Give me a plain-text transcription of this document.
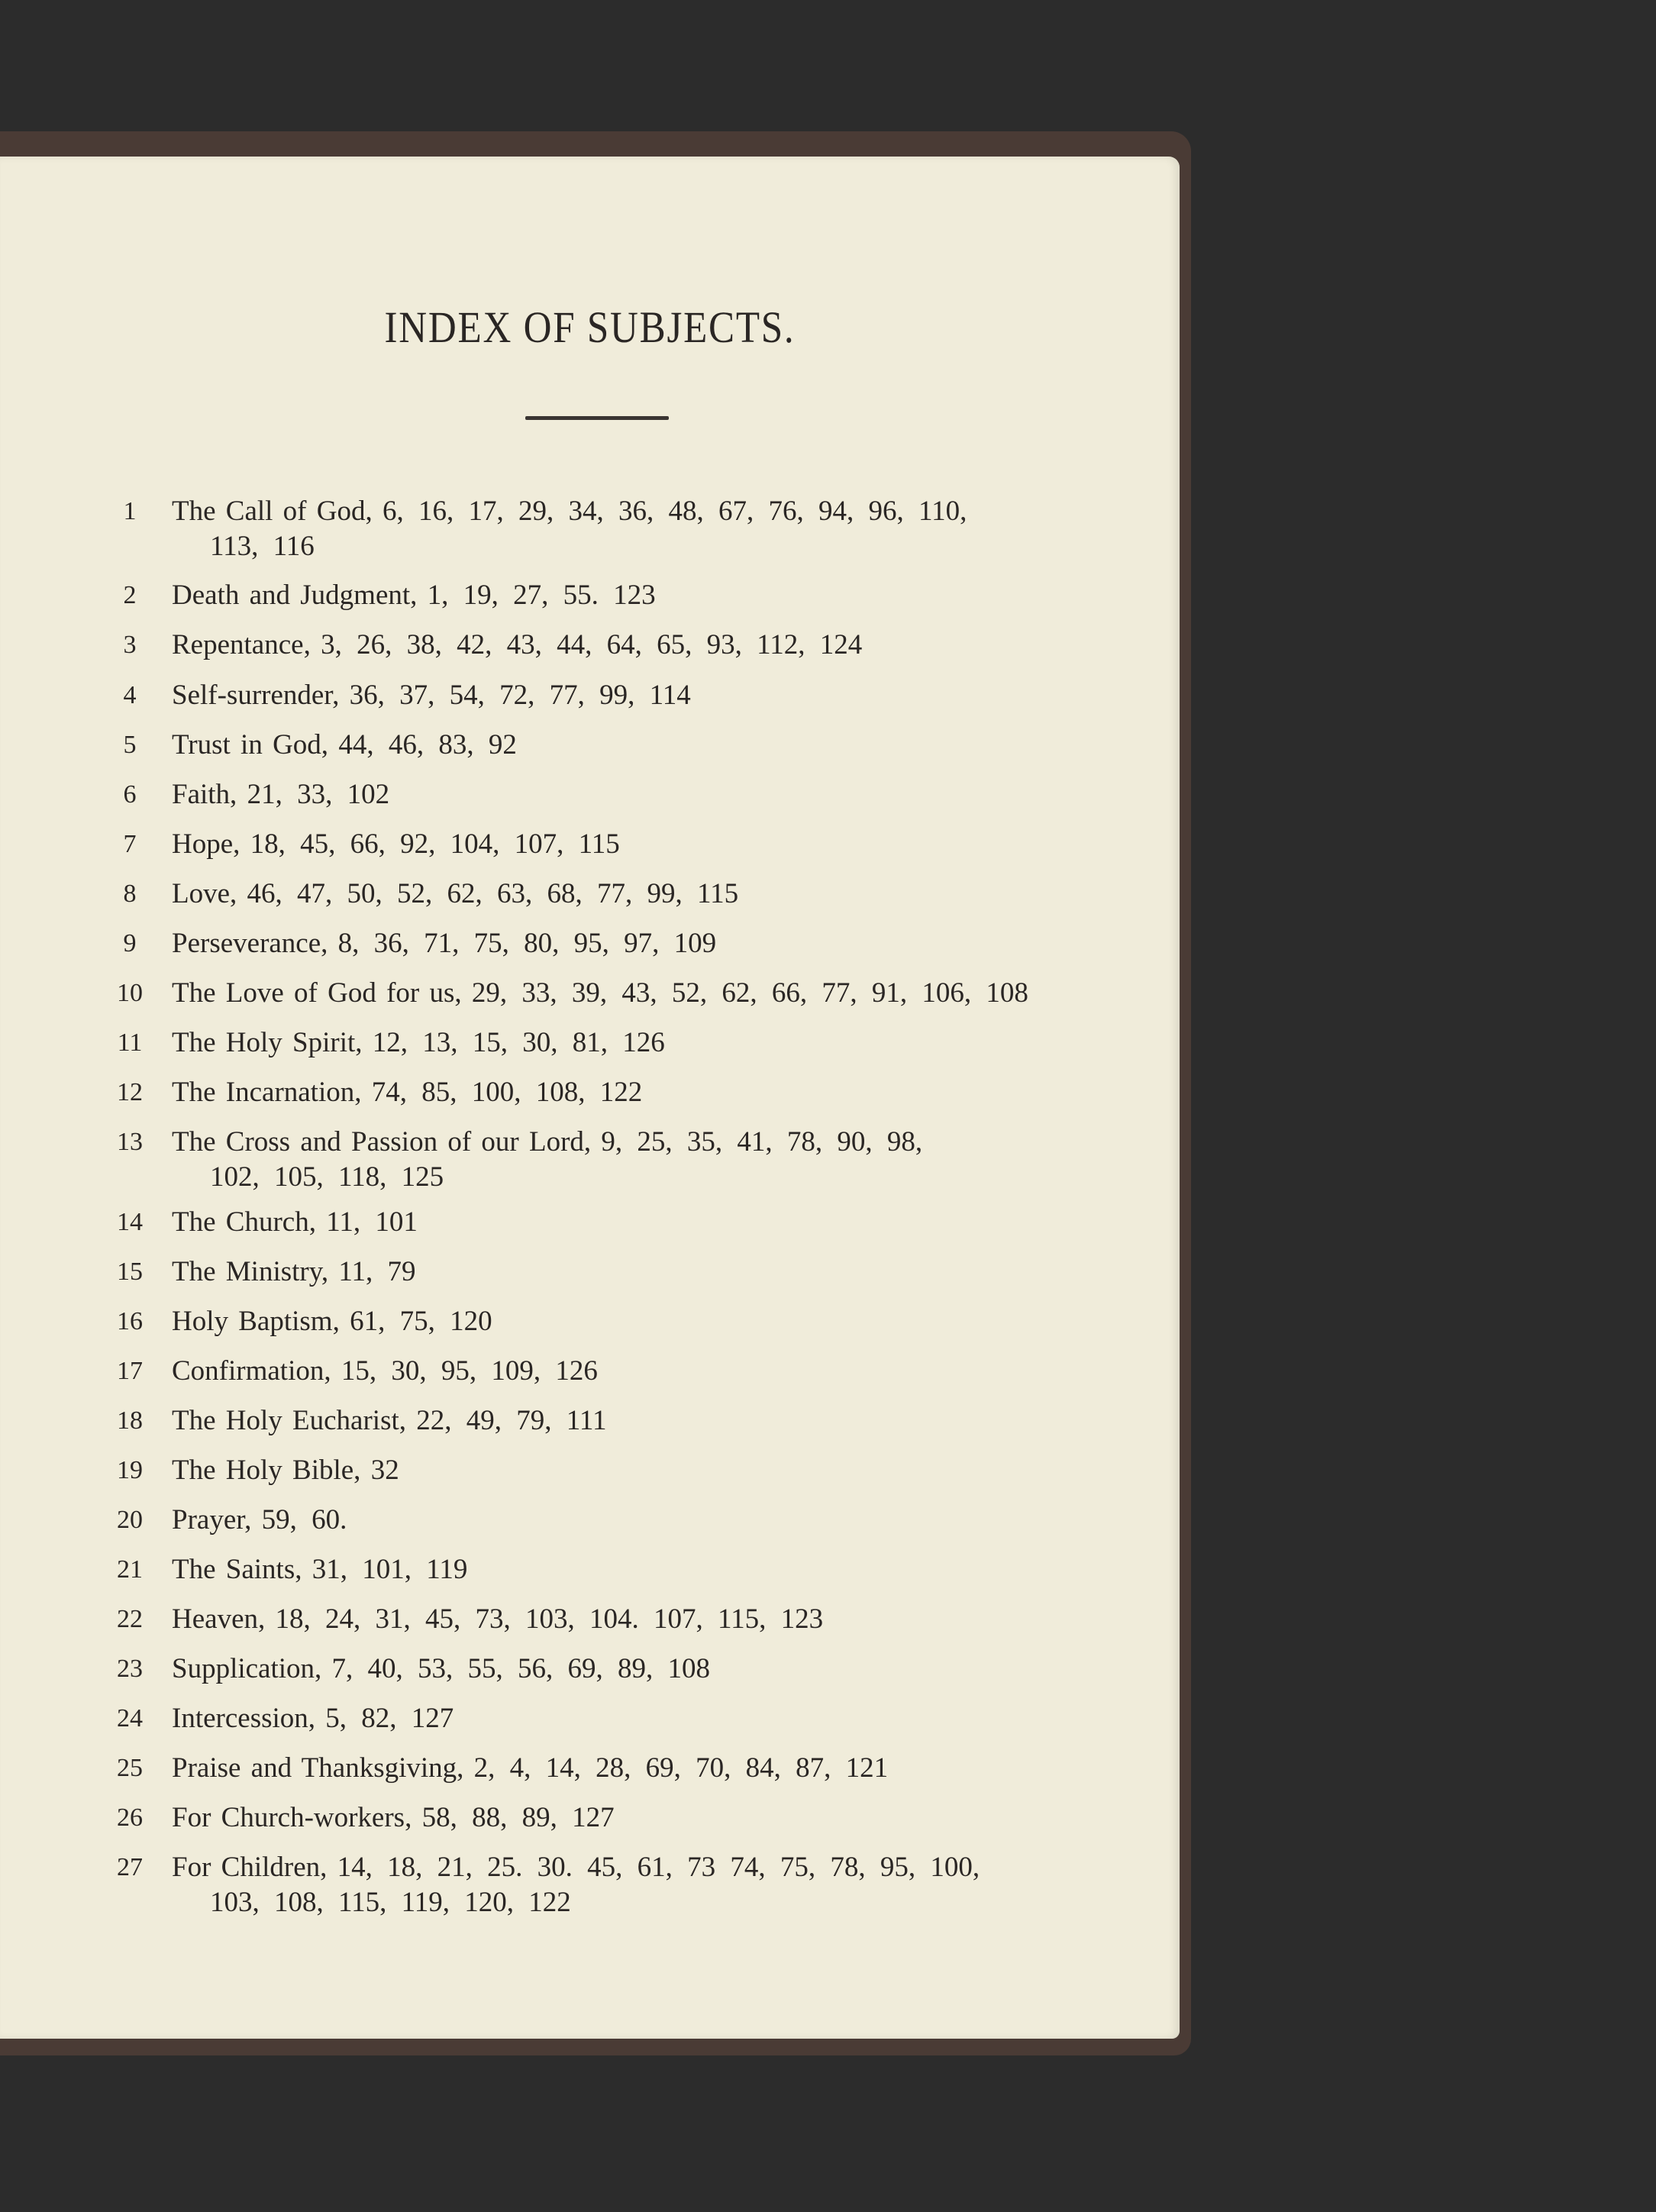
INDEX OF SUBJECTS.
1	The Call of God, 6, 16, 17, 29, 34, 36, 48, 67, 76, 94, 96, 110,
113, 116
2	Death and Judgment, 1, 19, 27, 55. 123
3	Repentance, 3, 26, 38, 42, 43, 44, 64, 65, 93, 112, 124
4	Self-surrender, 36, 37, 54, 72, 77, 99, 114
5	Trust in God, 44, 46, 83, 92
6	Faith, 21, 33, 102
7	Hope, 18, 45, 66, 92, 104, 107, 115
8	Love, 46, 47, 50, 52, 62, 63, 68, 77, 99, 115
9	Perseverance, 8, 36, 71, 75, 80, 95, 97, 109
10	The Love of God for us, 29, 33, 39, 43, 52, 62, 66, 77, 91, 106, 108
11	The Holy Spirit, 12, 13, 15, 30, 81, 126
12	The Incarnation, 74, 85, 100, 108, 122
13	The Cross and Passion of our Lord, 9, 25, 35, 41, 78, 90, 98,
102, 105, 118, 125
14	The Church, 11, 101
15	The Ministry, 11, 79
16	Holy Baptism, 61, 75, 120
17	Confirmation, 15, 30, 95, 109, 126
18	The Holy Eucharist, 22, 49, 79, 111
19	The Holy Bible, 32
20	Prayer, 59, 60.
21	The Saints, 31, 101, 119
22	Heaven, 18, 24, 31, 45, 73, 103, 104. 107, 115, 123
23	Supplication, 7, 40, 53, 55, 56, 69, 89, 108
24	Intercession, 5, 82, 127
25	Praise and Thanksgiving, 2, 4, 14, 28, 69, 70, 84, 87, 121
26	For Church-workers, 58, 88, 89, 127
27	For Children, 14, 18, 21, 25. 30. 45, 61, 73 74, 75, 78, 95, 100,
103, 108, 115, 119, 120, 122
